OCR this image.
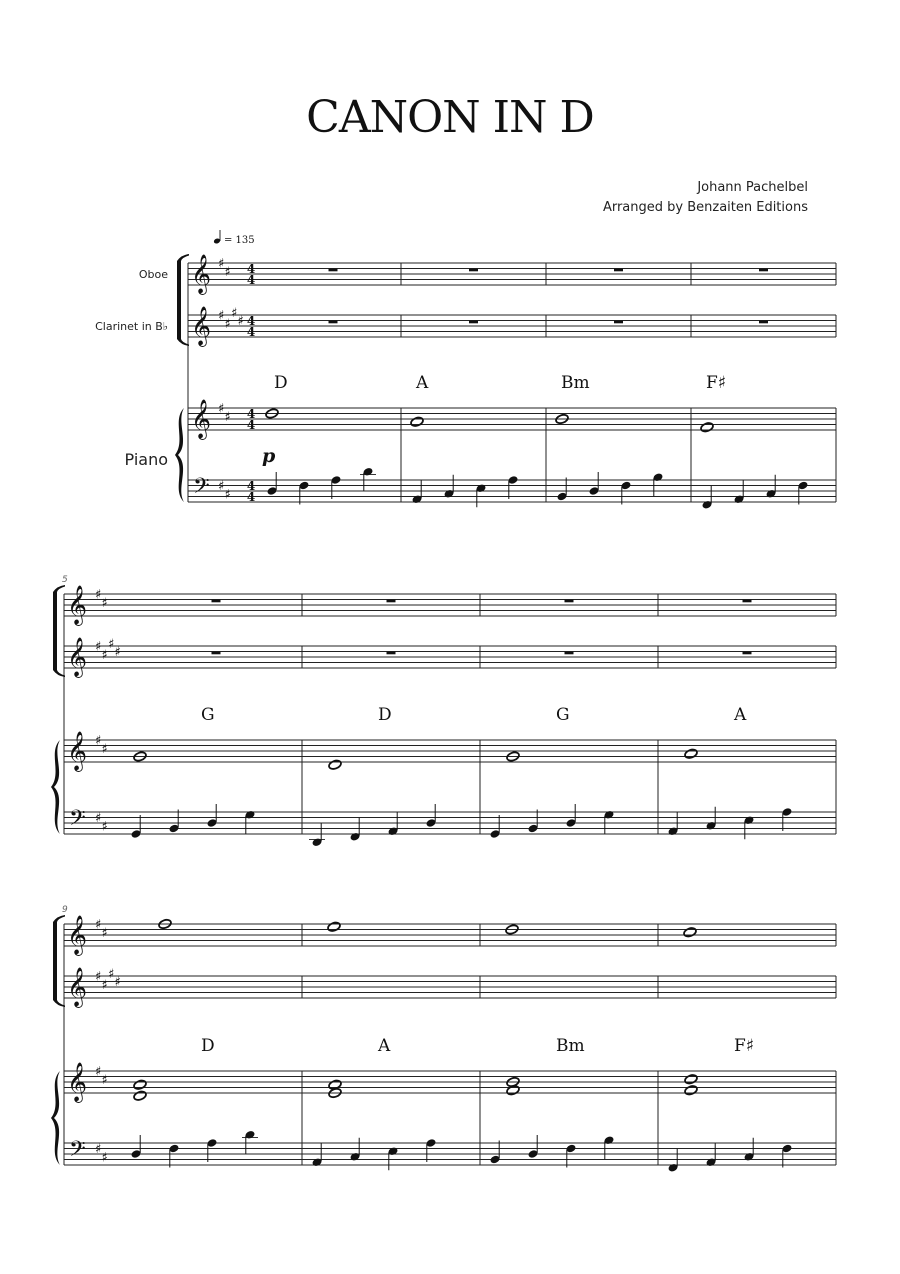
CANON IN D
Johann Pachelbel
Arranged by Benzaiten Editions
𝄞
𝄞
𝄞
𝄢
♯
♯
♯
♯
♯
♯
♯
♯
♯
♯
4
4
4
4
4
4
4
4
D	A	Bm	F♯
Oboe
Clarinet in B♭
Piano
= 135
p
𝄞
𝄞
𝄞
𝄢
♯
♯
♯
♯
♯
♯
♯
♯
♯
♯
5
G	D	G	A
𝄞
𝄞
𝄞
𝄢
♯
♯
♯
♯
♯
♯
♯
♯
♯
♯
9
D	A	Bm	F♯
